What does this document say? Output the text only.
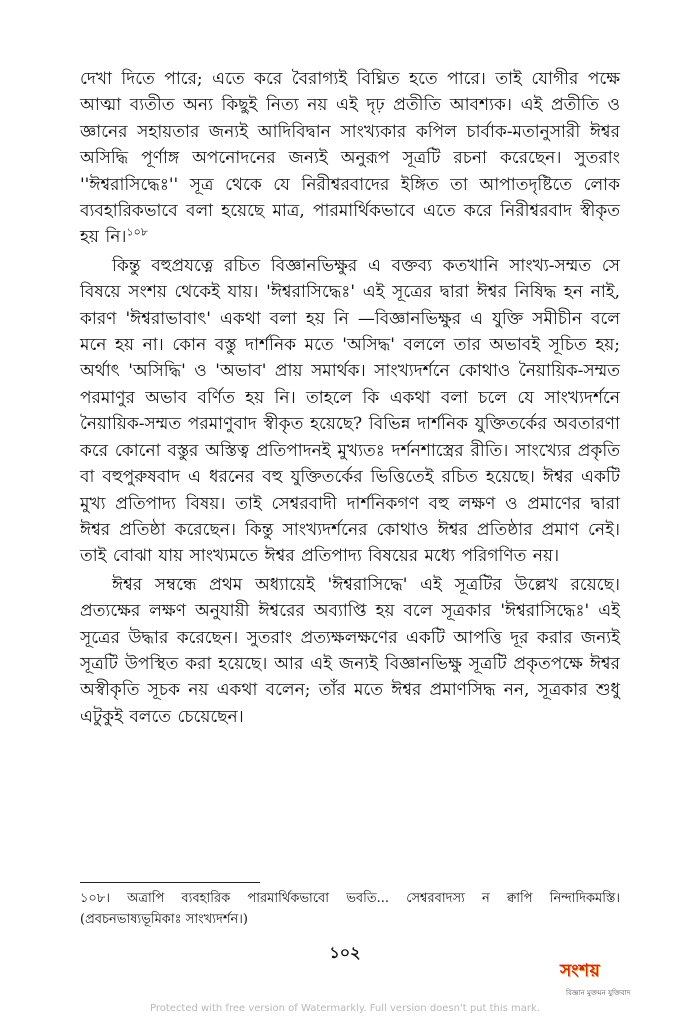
দেখা দিতে পারে; এতে করে বৈরাগ্যই বিঘ্নিত হতে পারে। তাই যোগীর পক্ষে আত্মা ব্যতীত অন্য কিছুই নিত্য নয় এই দৃঢ় প্রতীতি আবশ্যক। এই প্রতীতি ও জ্ঞানের সহায়তার জন্যই আদিবিদ্বান সাংখ্যকার কপিল চার্বাক-মতানুসারী ঈশ্বর অসিদ্ধি পূর্ণাঙ্গ অপনোদনের জন্যই অনুরূপ সূত্রটি রচনা করেছেন। সুতরাং ''ঈশ্বরাসিদ্ধেঃ'' সূত্র থেকে যে নিরীশ্বরবাদের ইঙ্গিত তা আপাতদৃষ্টিতে লোক ব্যবহারিকভাবে বলা হয়েছে মাত্র, পারমার্থিকভাবে এতে করে নিরীশ্বরবাদ স্বীকৃত হয় নি।$^{১০৮}$

কিন্তু বহুপ্রযত্নে রচিত বিজ্ঞানভিক্ষুর এ বক্তব্য কতখানি সাংখ্য-সম্মত সে বিষয়ে সংশয় থেকেই যায়। 'ঈশ্বরাসিদ্ধেঃ' এই সূত্রের দ্বারা ঈশ্বর নিষিদ্ধ হন নাই, কারণ 'ঈশ্বরাভাবাৎ' একথা বলা হয় নি —বিজ্ঞানভিক্ষুর এ যুক্তি সমীচীন বলে মনে হয় না। কোন বস্তু দার্শনিক মতে 'অসিদ্ধ' বললে তার অভাবই সূচিত হয়; অর্থাৎ 'অসিদ্ধি' ও 'অভাব' প্রায় সমার্থক। সাংখ্যদর্শনে কোথাও নৈয়ায়িক-সম্মত পরমাণুর অভাব বর্ণিত হয় নি। তাহলে কি একথা বলা চলে যে সাংখ্যদর্শনে নৈয়ায়িক-সম্মত পরমাণুবাদ স্বীকৃত হয়েছে? বিভিন্ন দার্শনিক যুক্তিতর্কের অবতারণা করে কোনো বস্তুর অস্তিত্ব প্রতিপাদনই মুখ্যতঃ দর্শনশাস্ত্রের রীতি। সাংখ্যের প্রকৃতি বা বহুপুরুষবাদ এ ধরনের বহু যুক্তিতর্কের ভিত্তিতেই রচিত হয়েছে। ঈশ্বর একটি মুখ্য প্রতিপাদ্য বিষয়। তাই সেশ্বরবাদী দার্শনিকগণ বহু লক্ষণ ও প্রমাণের দ্বারা ঈশ্বর প্রতিষ্ঠা করেছেন। কিন্তু সাংখ্যদর্শনের কোথাও ঈশ্বর প্রতিষ্ঠার প্রমাণ নেই। তাই বোঝা যায় সাংখ্যমতে ঈশ্বর প্রতিপাদ্য বিষয়ের মধ্যে পরিগণিত নয়।

ঈশ্বর সম্বন্ধে প্রথম অধ্যায়েই 'ঈশ্বরাসিদ্ধে' এই সূত্রটির উল্লেখ রয়েছে। প্রত্যক্ষের লক্ষণ অনুযায়ী ঈশ্বরের অব্যাপ্তি হয় বলে সূত্রকার 'ঈশ্বরাসিদ্ধেঃ' এই সূত্রের উদ্ধার করেছেন। সুতরাং প্রত্যক্ষলক্ষণের একটি আপত্তি দূর করার জন্যই সূত্রটি উপস্থিত করা হয়েছে। আর এই জন্যই বিজ্ঞানভিক্ষু সূত্রটি প্রকৃতপক্ষে ঈশ্বর অস্বীকৃতি সূচক নয় একথা বলেন; তাঁর মতে ঈশ্বর প্রমাণসিদ্ধ নন, সূত্রকার শুধু এটুকুই বলতে চেয়েছেন।

১০৮। অত্রাপি ব্যবহারিক পারমার্থিকভাবো ভবতি... সেশ্বরবাদস্য ন ক্বাপি নিন্দাদিকমস্তি। (প্রবচনভাষ্যভূমিকাঃ সাংখ্যদর্শন।)

১০২

সংশয়
বিজ্ঞান মুক্তমন যুক্তিবাদ

Protected with free version of Watermarkly. Full version doesn't put this mark.
